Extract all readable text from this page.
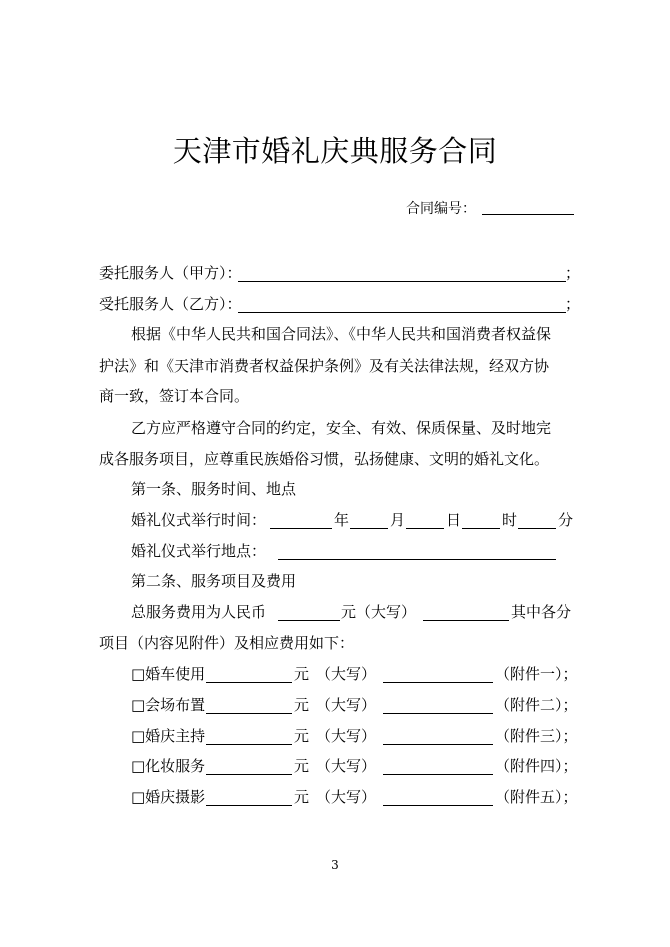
天津市婚礼庆典服务合同
合同编号：
委托服务人（甲方）：	；
受托服务人（乙方）：	；
根据《中华人民共和国合同法》、《中华人民共和国消费者权益保
护法》和《天津市消费者权益保护条例》及有关法律法规，经双方协
商一致，签订本合同。
乙方应严格遵守合同的约定，安全、有效、保质保量、及时地完
成各服务项目，应尊重民族婚俗习惯，弘扬健康、文明的婚礼文化。
第一条、服务时间、地点
婚礼仪式举行时间：	年	月	日	时	分
婚礼仪式举行地点：
第二条、服务项目及费用
总服务费用为人民币	元（大写）	其中各分
项目（内容见附件）及相应费用如下：
□婚车使用	元 （大写）	（附件一）；
□会场布置	元 （大写）	（附件二）；
□婚庆主持	元 （大写）	（附件三）；
□化妆服务	元 （大写）	（附件四）；
□婚庆摄影	元 （大写）	（附件五）；
3
